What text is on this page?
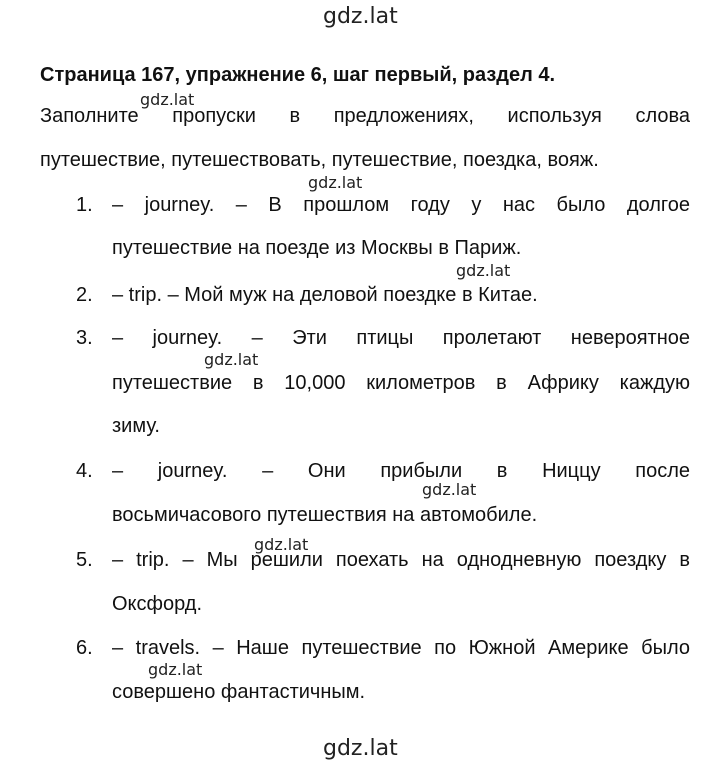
gdz.lat
gdz.lat
gdz.lat
gdz.lat
gdz.lat
gdz.lat
gdz.lat
gdz.lat
gdz.lat
Страница 167, упражнение 6, шаг первый, раздел 4.
Заполните пропуски в предложениях, используя слова
путешествие, путешествовать, путешествие, поездка, вояж.
1. – journey. – В прошлом году у нас было долгое
путешествие на поезде из Москвы в Париж.
2. – trip. – Мой муж на деловой поездке в Китае.
3. – journey. – Эти птицы пролетают невероятное
путешествие в 10,000 километров в Африку каждую
зиму.
4. – journey. – Они прибыли в Ниццу после
восьмичасового путешествия на автомобиле.
5. – trip. – Мы решили поехать на однодневную поездку в
Оксфорд.
6. – travels. – Наше путешествие по Южной Америке было
совершено фантастичным.
